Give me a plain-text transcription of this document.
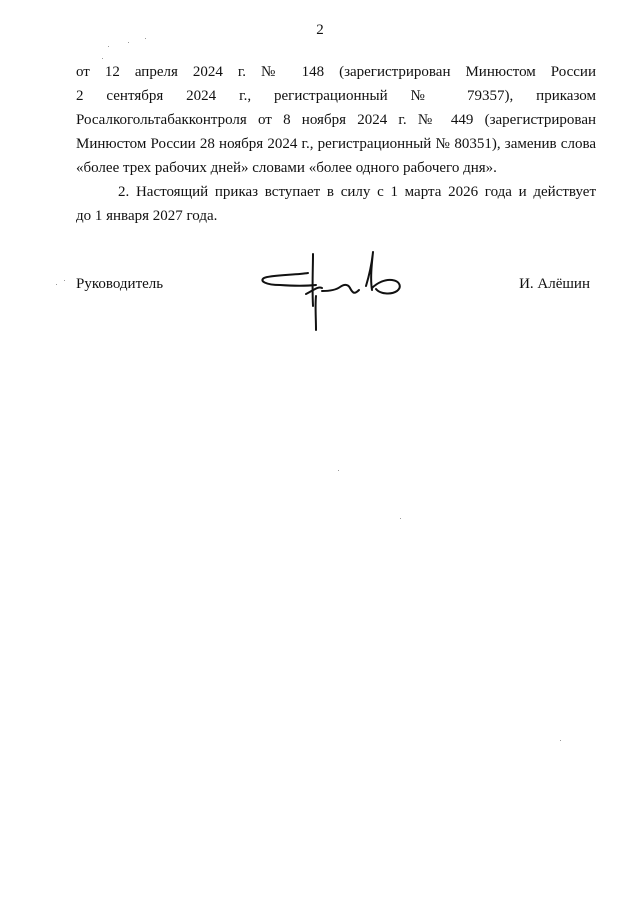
2
от 12 апреля 2024 г. № 148 (зарегистрирован Минюстом России
2 сентября 2024 г., регистрационный № 79357), приказом
Росалкогольтабакконтроля от 8 ноября 2024 г. № 449 (зарегистрирован
Минюстом России 28 ноября 2024 г., регистрационный № 80351), заменив слова
«более трех рабочих дней» словами «более одного рабочего дня».
2. Настоящий приказ вступает в силу с 1 марта 2026 года и действует
до 1 января 2027 года.
Руководитель	И. Алёшин
